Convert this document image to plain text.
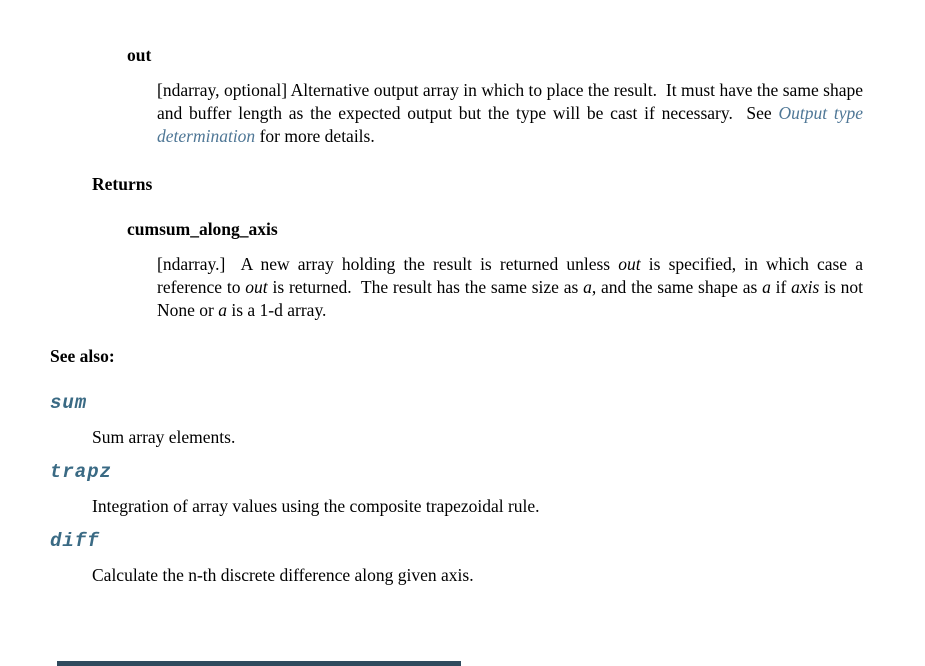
out

[ndarray, optional] Alternative output array in which to place the result.  It must have the same shape and buffer length as the expected output but the type will be cast if necessary.  See Output type determination for more details.

Returns
cumsum_along_axis

[ndarray.]  A new array holding the result is returned unless out is specified, in which case a reference to out is returned.  The result has the same size as a, and the same shape as a if axis is not None or a is a 1-d array.

See also:
sum
Sum array elements.
trapz
Integration of array values using the composite trapezoidal rule.
diff
Calculate the n-th discrete difference along given axis.
